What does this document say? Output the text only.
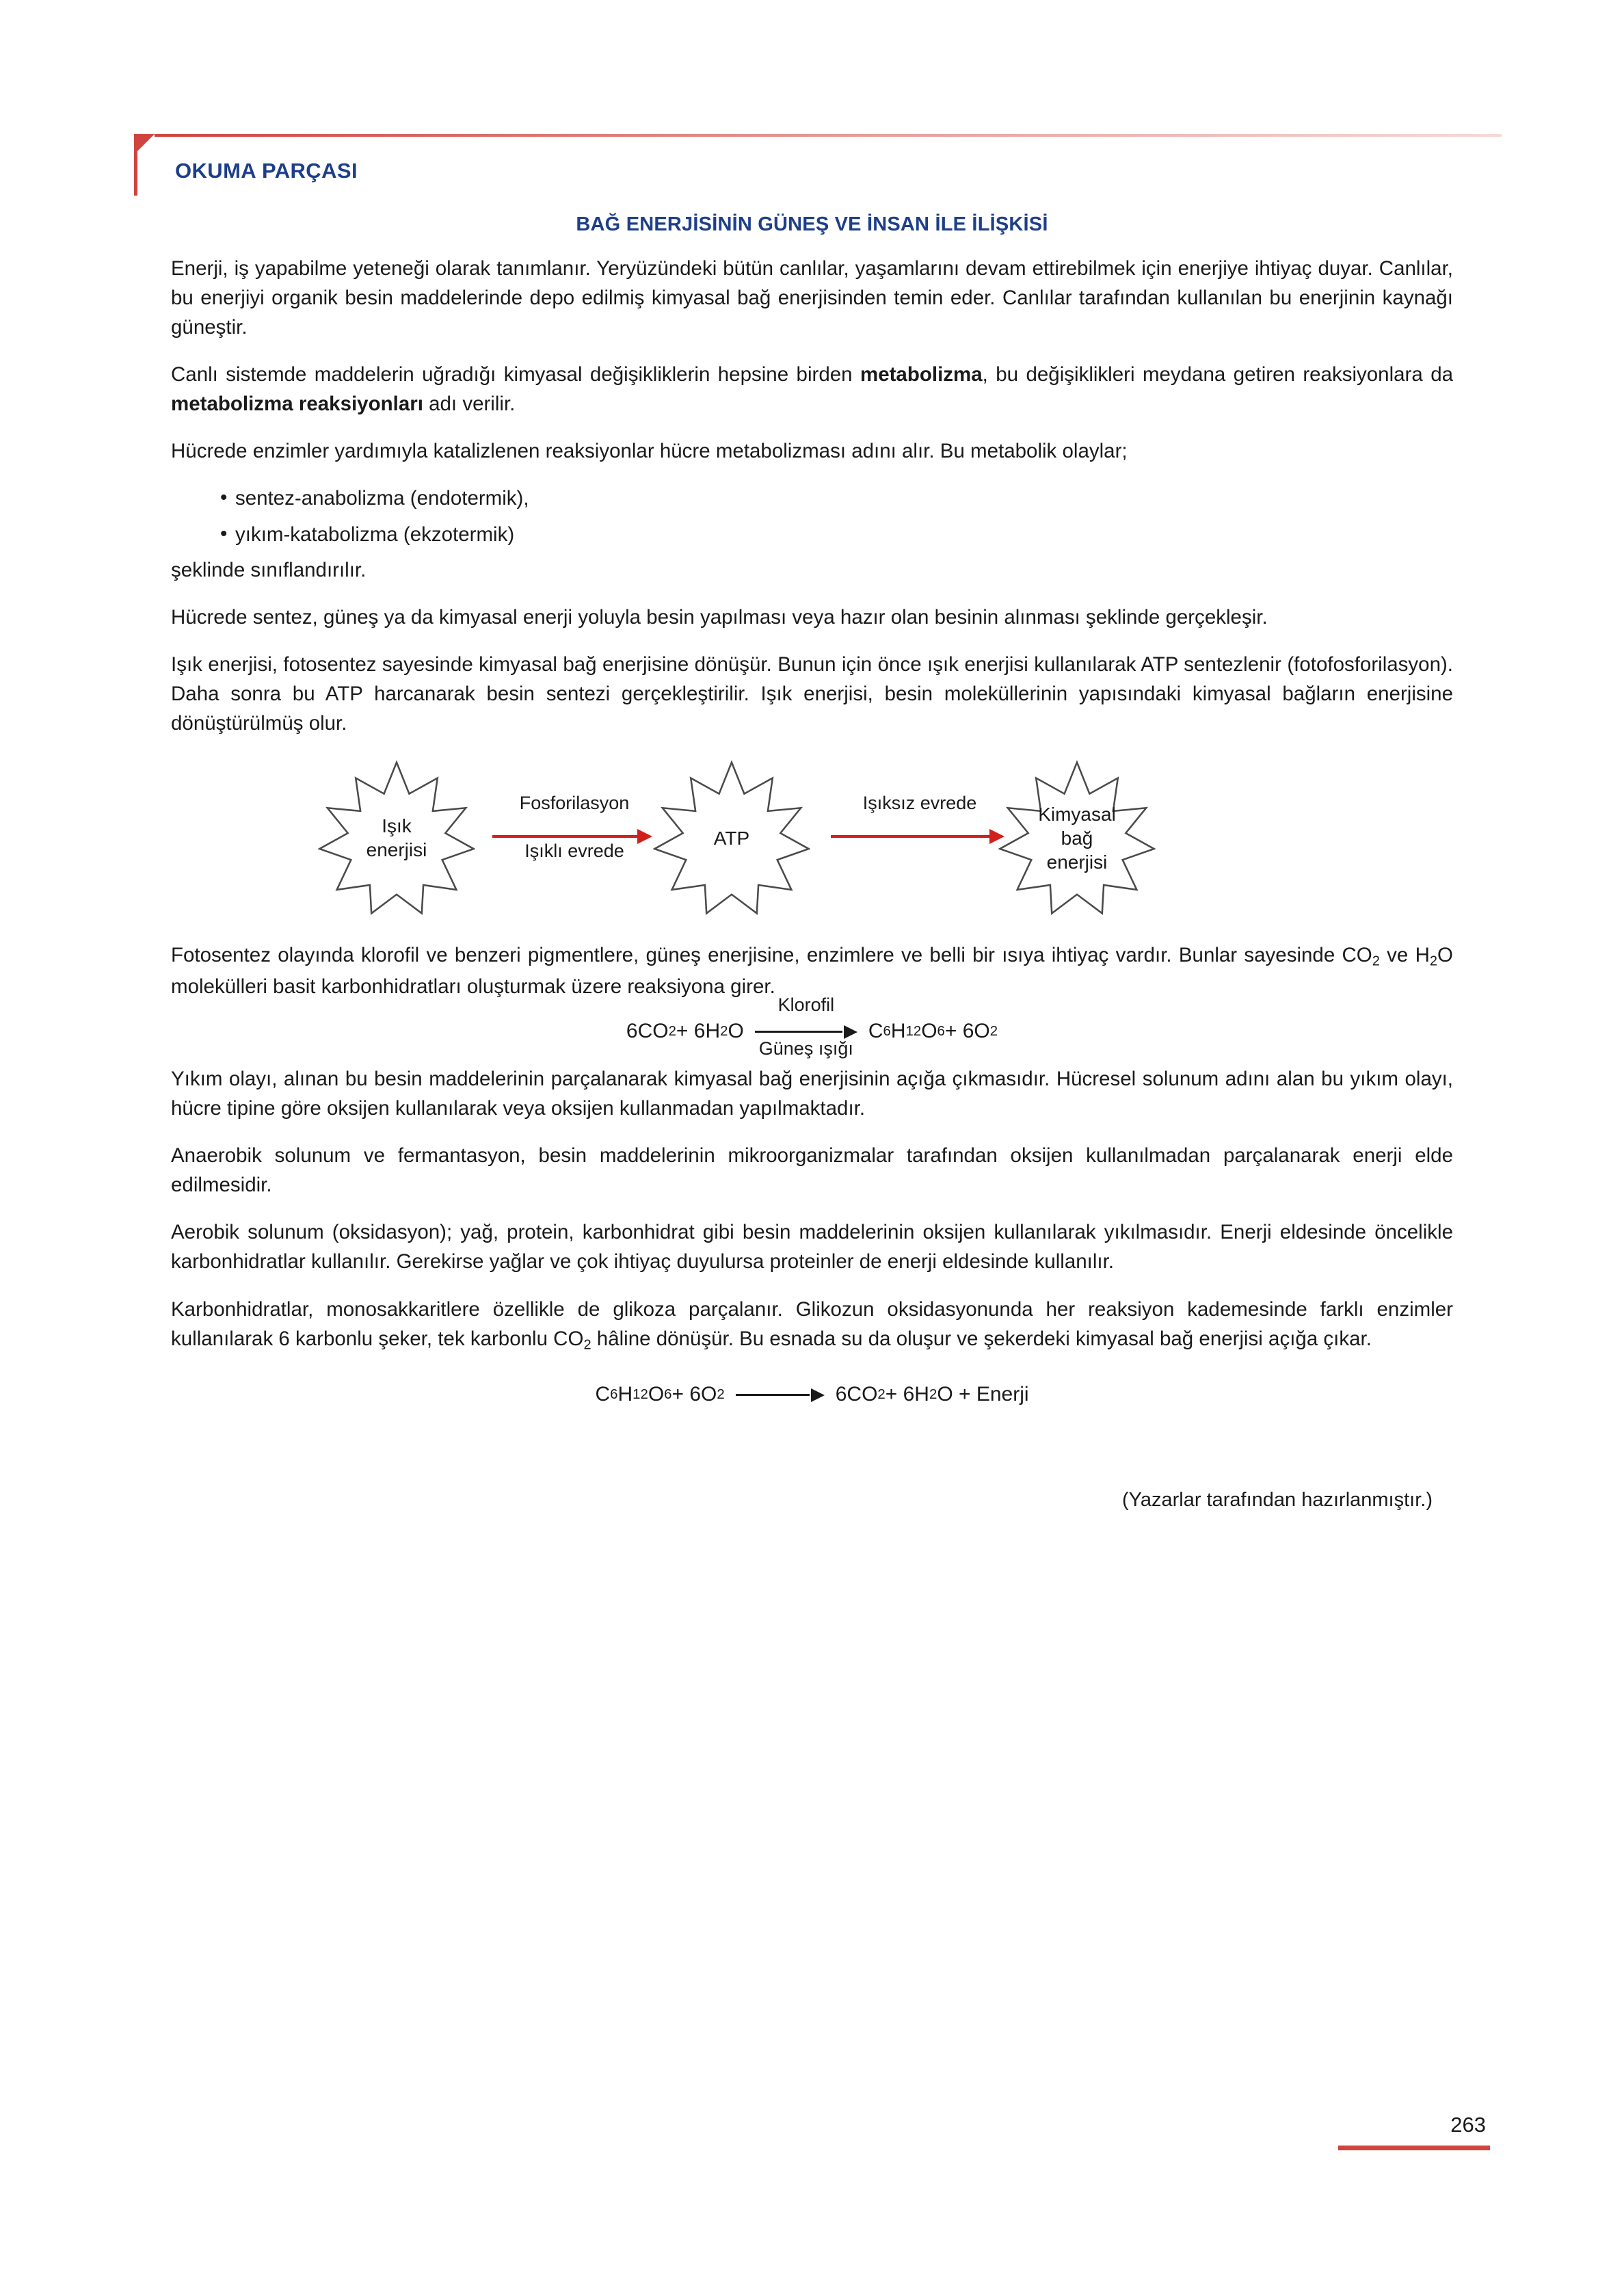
OKUMA PARÇASI
BAĞ ENERJİSİNİN GÜNEŞ VE İNSAN İLE İLİŞKİSİ

Enerji, iş yapabilme yeteneği olarak tanımlanır. Yeryüzündeki bütün canlılar, yaşamlarını devam ettirebilmek için enerjiye ihtiyaç duyar. Canlılar, bu enerjiyi organik besin maddelerinde depo edilmiş kimyasal bağ enerjisinden temin eder. Canlılar tarafından kullanılan bu enerjinin kaynağı güneştir.

Canlı sistemde maddelerin uğradığı kimyasal değişikliklerin hepsine birden metabolizma, bu değişiklikleri meydana getiren reaksiyonlara da metabolizma reaksiyonları adı verilir.

Hücrede enzimler yardımıyla katalizlenen reaksiyonlar hücre metabolizması adını alır. Bu metabolik olaylar;

• sentez-anabolizma (endotermik),
• yıkım-katabolizma (ekzotermik)

şeklinde sınıflandırılır.

Hücrede sentez, güneş ya da kimyasal enerji yoluyla besin yapılması veya hazır olan besinin alınması şeklinde gerçekleşir.

Işık enerjisi, fotosentez sayesinde kimyasal bağ enerjisine dönüşür. Bunun için önce ışık enerjisi kullanılarak ATP sentezlenir (fotofosforilasyon). Daha sonra bu ATP harcanarak besin sentezi gerçekleştirilir. Işık enerjisi, besin moleküllerinin yapısındaki kimyasal bağların enerjisine dönüştürülmüş olur.

Işık
enerjisi
Fosforilasyon
Işıklı evrede
ATP
Işıksız evrede
Kimyasal
bağ
enerjisi

Fotosentez olayında klorofil ve benzeri pigmentlere, güneş enerjisine, enzimlere ve belli bir ısıya ihtiyaç vardır. Bunlar sayesinde $CO_2$ ve $H_2O$ molekülleri basit karbonhidratları oluşturmak üzere reaksiyona girer.

6CO 2 + 6H 2 O
Klorofil
Güneş ışığı
C 6 H 12 O 6 + 6O 2

Yıkım olayı, alınan bu besin maddelerinin parçalanarak kimyasal bağ enerjisinin açığa çıkmasıdır. Hücresel solunum adını alan bu yıkım olayı, hücre tipine göre oksijen kullanılarak veya oksijen kullanmadan yapılmaktadır.

Anaerobik solunum ve fermantasyon, besin maddelerinin mikroorganizmalar tarafından oksijen kullanılmadan parçalanarak enerji elde edilmesidir.

Aerobik solunum (oksidasyon); yağ, protein, karbonhidrat gibi besin maddelerinin oksijen kullanılarak yıkılmasıdır. Enerji eldesinde öncelikle karbonhidratlar kullanılır. Gerekirse yağlar ve çok ihtiyaç duyulursa proteinler de enerji eldesinde kullanılır.

Karbonhidratlar, monosakkaritlere özellikle de glikoza parçalanır. Glikozun oksidasyonunda her reaksiyon kademesinde farklı enzimler kullanılarak 6 karbonlu şeker, tek karbonlu $CO_2$ hâline dönüşür. Bu esnada su da oluşur ve şekerdeki kimyasal bağ enerjisi açığa çıkar.

C 6 H 12 O 6 + 6O 2	6CO 2 + 6H 2 O + Enerji
(Yazarlar tarafından hazırlanmıştır.)
263
